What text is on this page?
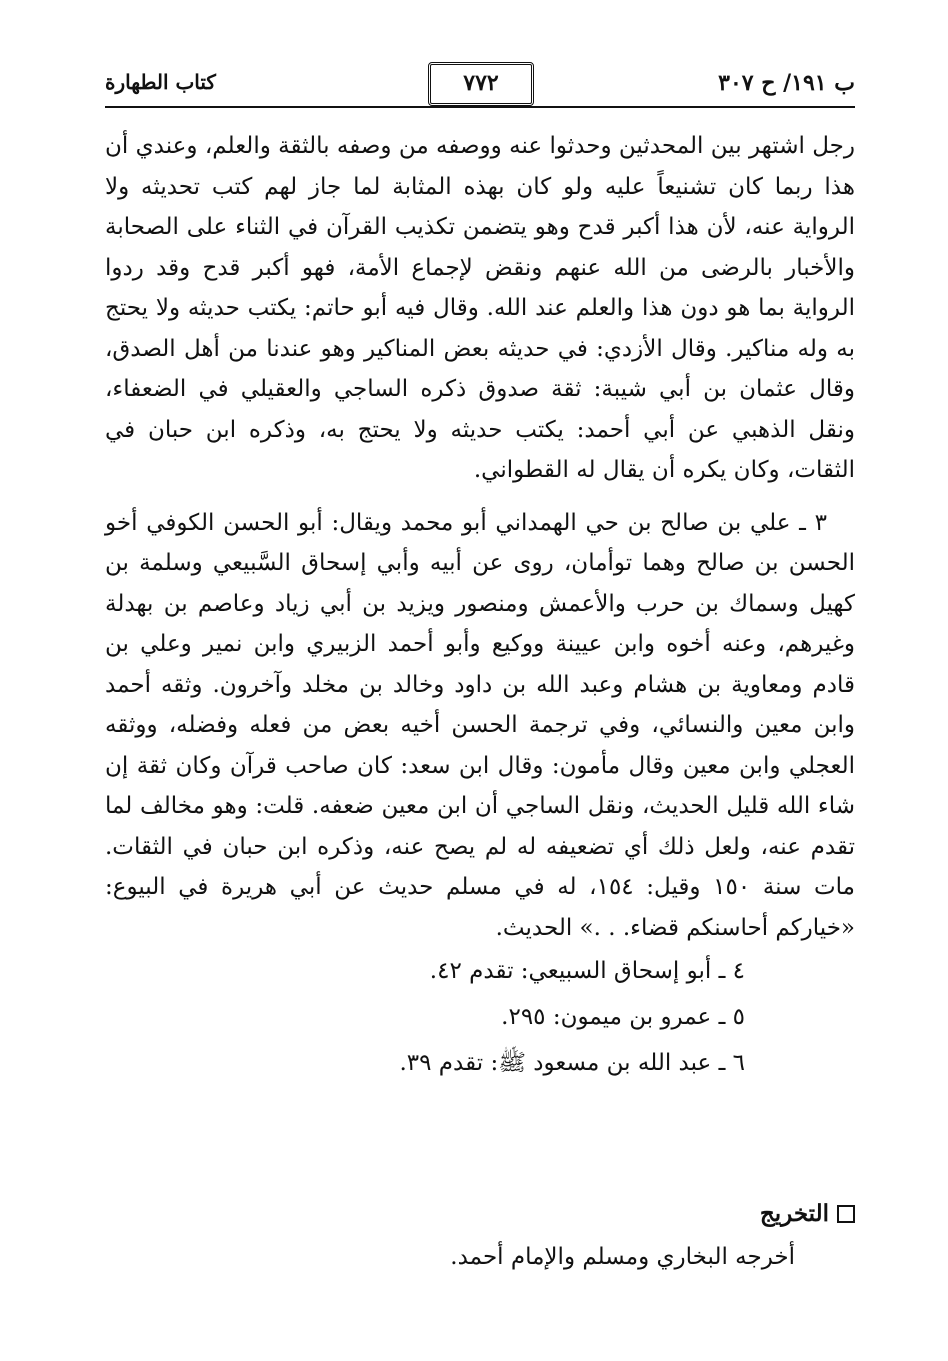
ب ١٩١/ ح ٣٠٧
٧٧٢
كتاب الطهارة

رجل اشتهر بين المحدثين وحدثوا عنه ووصفه من وصفه بالثقة والعلم، وعندي أن هذا ربما كان تشنيعاً عليه ولو كان بهذه المثابة لما جاز لهم كتب تحديثه ولا الرواية عنه، لأن هذا أكبر قدح وهو يتضمن تكذيب القرآن في الثناء على الصحابة والأخبار بالرضى من الله عنهم ونقض لإجماع الأمة، فهو أكبر قدح وقد ردوا الرواية بما هو دون هذا والعلم عند الله. وقال فيه أبو حاتم: يكتب حديثه ولا يحتج به وله مناكير. وقال الأزدي: في حديثه بعض المناكير وهو عندنا من أهل الصدق، وقال عثمان بن أبي شيبة: ثقة صدوق ذكره الساجي والعقيلي في الضعفاء، ونقل الذهبي عن أبي أحمد: يكتب حديثه ولا يحتج به، وذكره ابن حبان في الثقات، وكان يكره أن يقال له القطواني.

٣ ـ علي بن صالح بن حي الهمداني أبو محمد ويقال: أبو الحسن الكوفي أخو الحسن بن صالح وهما توأمان، روى عن أبيه وأبي إسحاق السَّبيعي وسلمة بن كهيل وسماك بن حرب والأعمش ومنصور ويزيد بن أبي زياد وعاصم بن بهدلة وغيرهم، وعنه أخوه وابن عيينة ووكيع وأبو أحمد الزبيري وابن نمير وعلي بن قادم ومعاوية بن هشام وعبد الله بن داود وخالد بن مخلد وآخرون. وثقه أحمد وابن معين والنسائي، وفي ترجمة الحسن أخيه بعض من فعله وفضله، ووثقه العجلي وابن معين وقال مأمون: وقال ابن سعد: كان صاحب قرآن وكان ثقة إن شاء الله قليل الحديث، ونقل الساجي أن ابن معين ضعفه. قلت: وهو مخالف لما تقدم عنه، ولعل ذلك أي تضعيفه له لم يصح عنه، وذكره ابن حبان في الثقات. مات سنة ١٥٠ وقيل: ١٥٤، له في مسلم حديث عن أبي هريرة في البيوع: «خياركم أحاسنكم قضاء. . .» الحديث.

٤ ـ أبو إسحاق السبيعي: تقدم ٤٢.

٥ ـ عمرو بن ميمون: ٢٩٥.

٦ ـ عبد الله بن مسعود ﷺ: تقدم ٣٩.

التخريج
أخرجه البخاري ومسلم والإمام أحمد.
